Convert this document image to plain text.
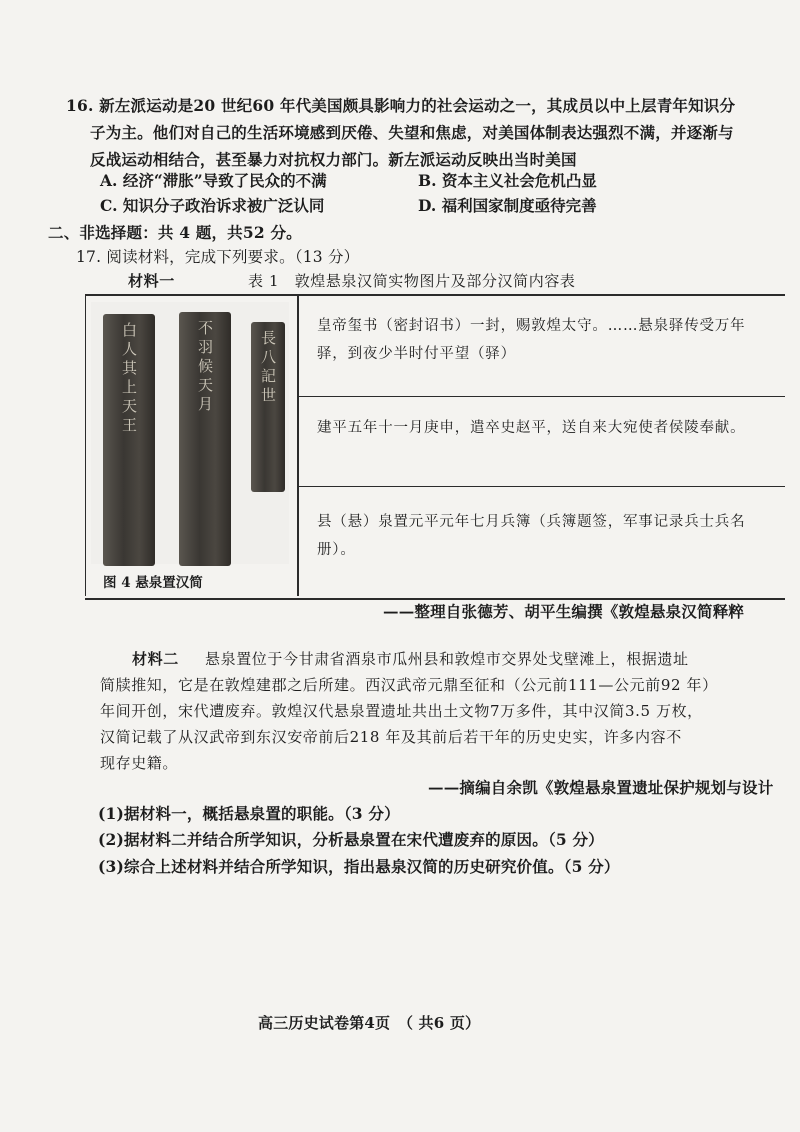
16. 新左派运动是20 世纪60 年代美国颇具影响力的社会运动之一，其成员以中上层青年知识分
子为主。他们对自己的生活环境感到厌倦、失望和焦虑，对美国体制表达强烈不满，并逐渐与
反战运动相结合，甚至暴力对抗权力部门。新左派运动反映出当时美国
A. 经济“滞胀”导致了民众的不满	B. 资本主义社会危机凸显
C. 知识分子政治诉求被广泛认同	D. 福利国家制度亟待完善
二、非选择题：共 4 题，共52 分。
17. 阅读材料，完成下列要求。（13 分）
材料一	表 1　敦煌悬泉汉简实物图片及部分汉简内容表
白人其上天王	不羽候天月	長八記世
图 4 悬泉置汉简
皇帝玺书（密封诏书）一封，赐敦煌太守。……悬泉驿传受万年驿，到夜少半时付平望（驿）
建平五年十一月庚申，遣卒史赵平，送自来大宛使者侯陵奉献。
县（悬）泉置元平元年七月兵簿（兵簿题签，军事记录兵士兵名册）。
——整理自张德芳、胡平生编撰《敦煌悬泉汉简释粹
材料二 悬泉置位于今甘肃省酒泉市瓜州县和敦煌市交界处戈壁滩上，根据遗址
简牍推知，它是在敦煌建郡之后所建。西汉武帝元鼎至征和（公元前111—公元前92 年）
年间开创，宋代遭废弃。敦煌汉代悬泉置遗址共出土文物7万多件，其中汉简3.5 万枚，
汉简记载了从汉武帝到东汉安帝前后218 年及其前后若干年的历史史实，许多内容不
现存史籍。
——摘编自余凯《敦煌悬泉置遗址保护规划与设计
(1)据材料一，概括悬泉置的职能。（3 分）
(2)据材料二并结合所学知识，分析悬泉置在宋代遭废弃的原因。（5 分）
(3)综合上述材料并结合所学知识，指出悬泉汉简的历史研究价值。（5 分）
高三历史试卷第4页　（ 共6 页）
